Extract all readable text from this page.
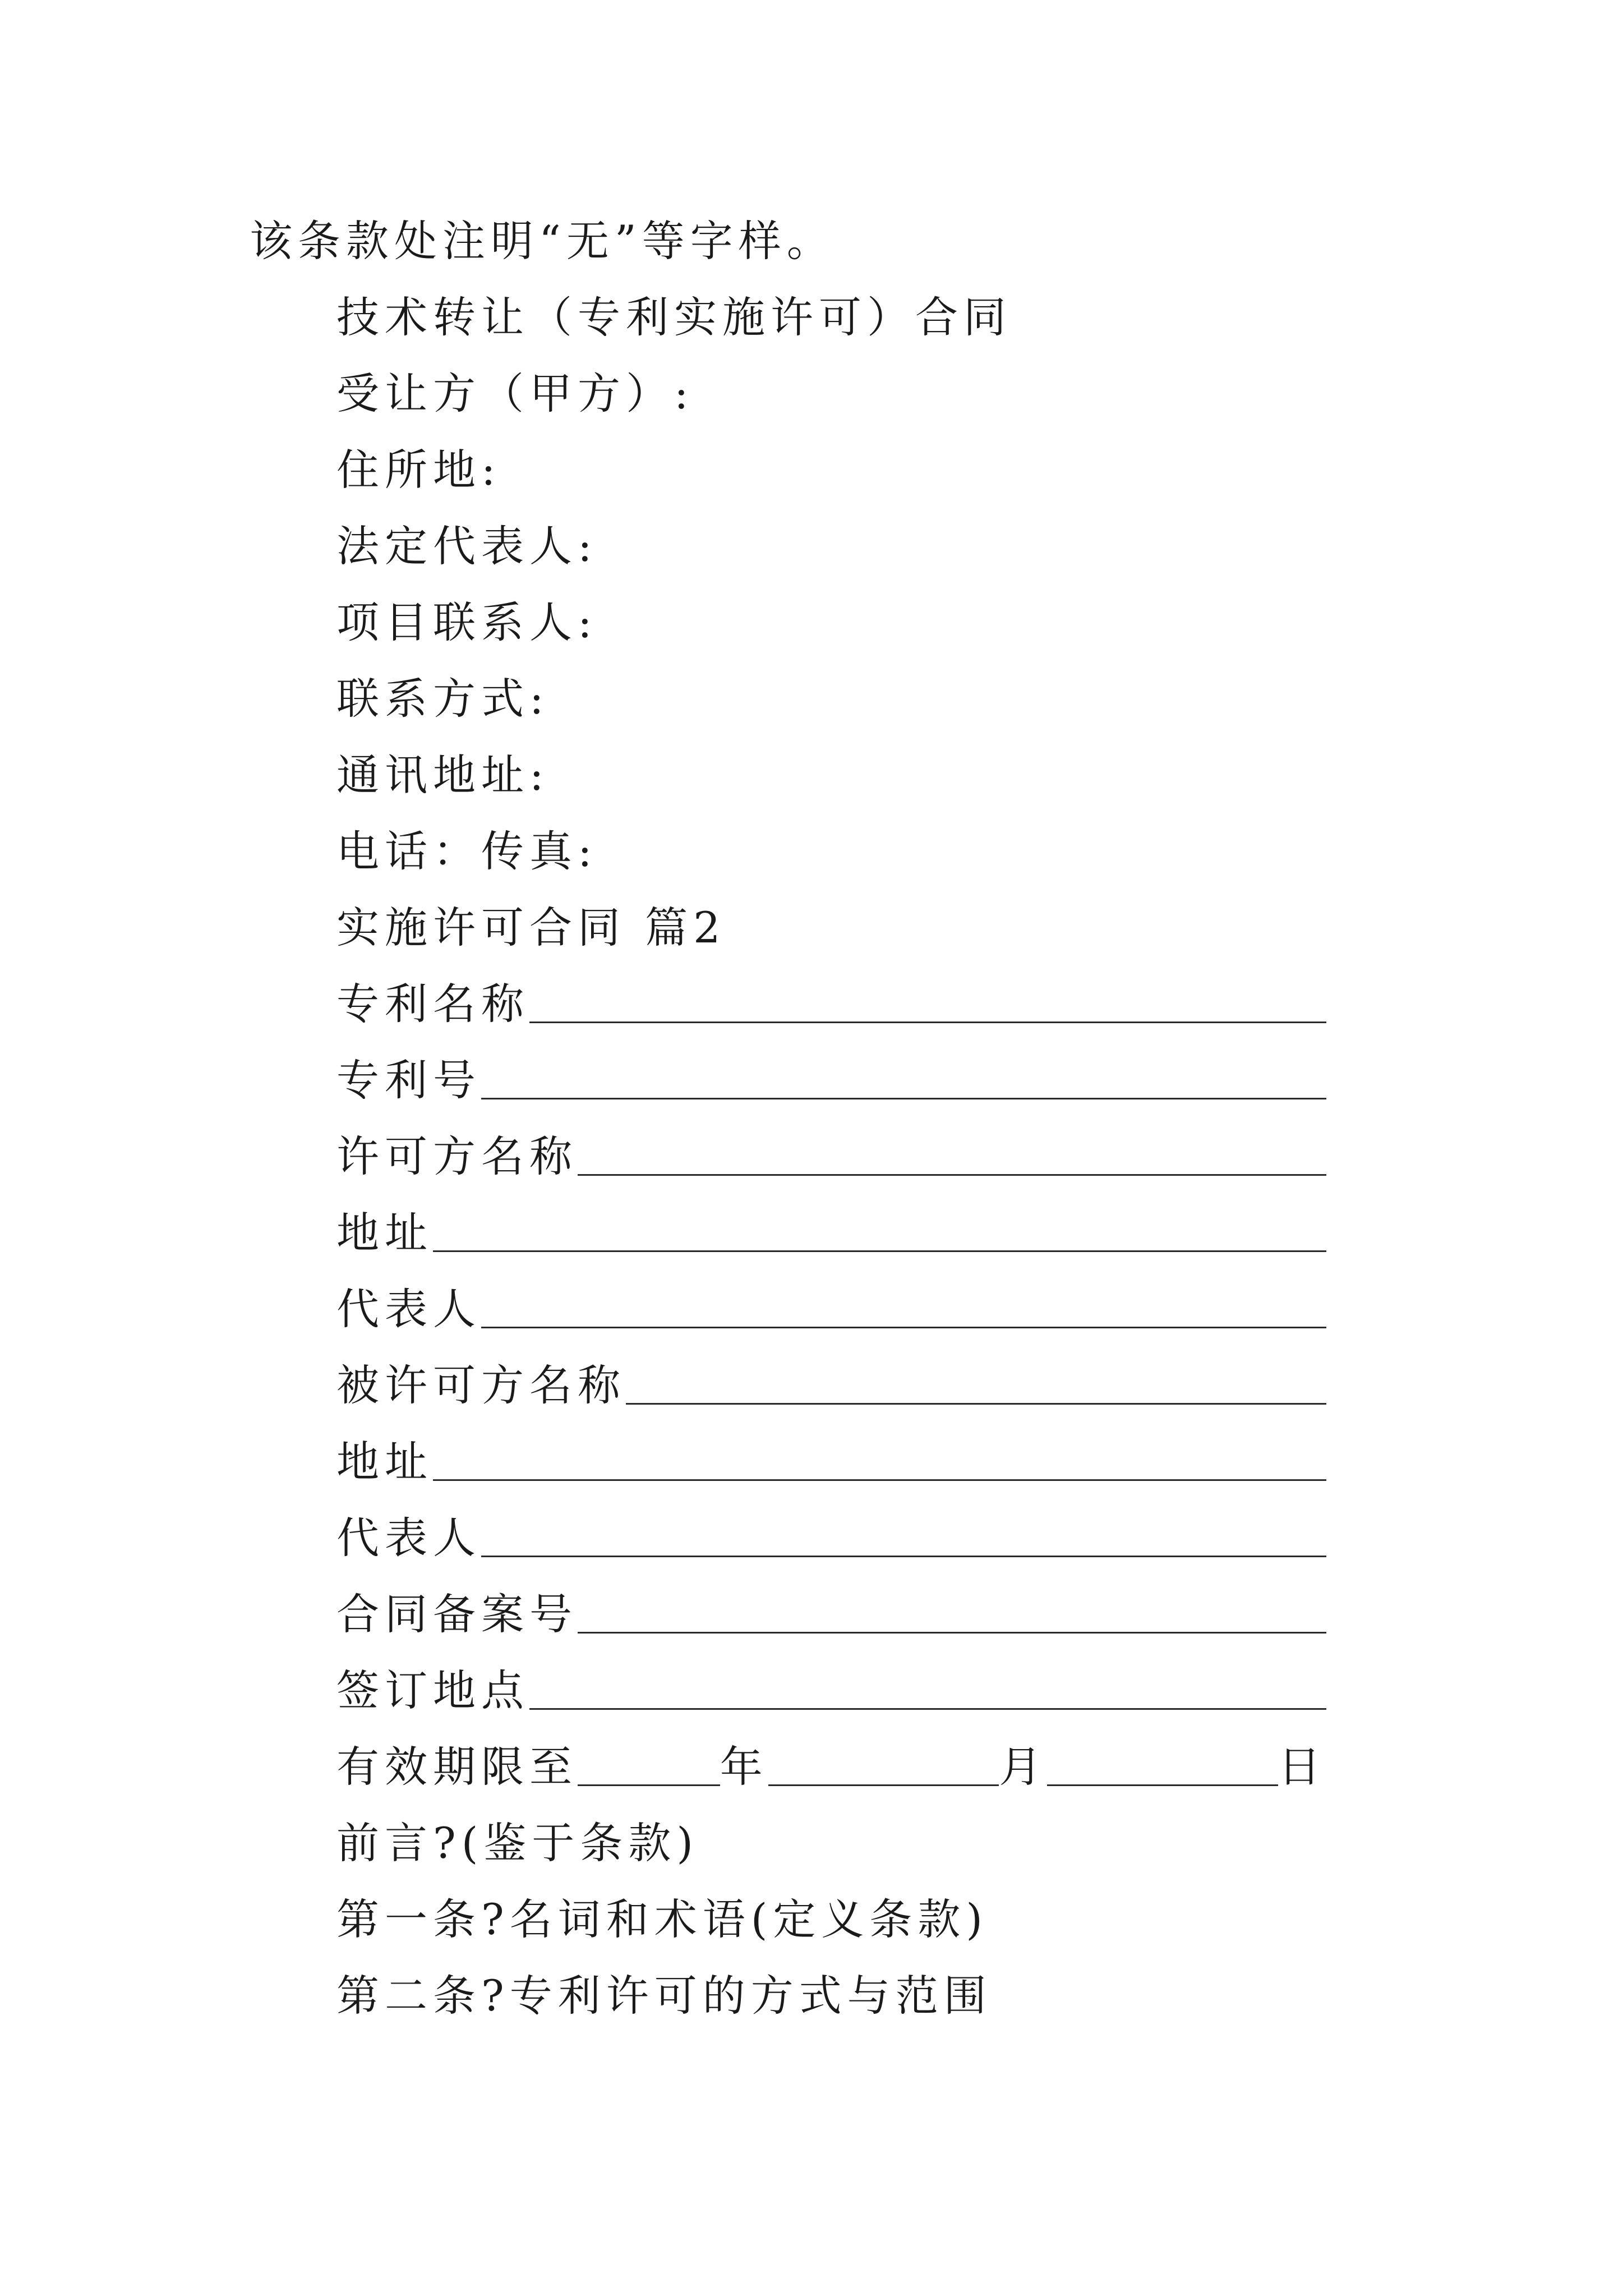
该条款处注明“无”等字样。
技术转让（专利实施许可）合同
受让方（甲方）:
住所地:
法定代表人:
项目联系人:
联系方式:
通讯地址:
电话：传真:
实施许可合同 篇2
专利名称
专利号
许可方名称
地址
代表人
被许可方名称
地址
代表人
合同备案号
签订地点
有效期限至	年	月	日
前言?(鉴于条款)
第一条?名词和术语(定义条款)
第二条?专利许可的方式与范围
